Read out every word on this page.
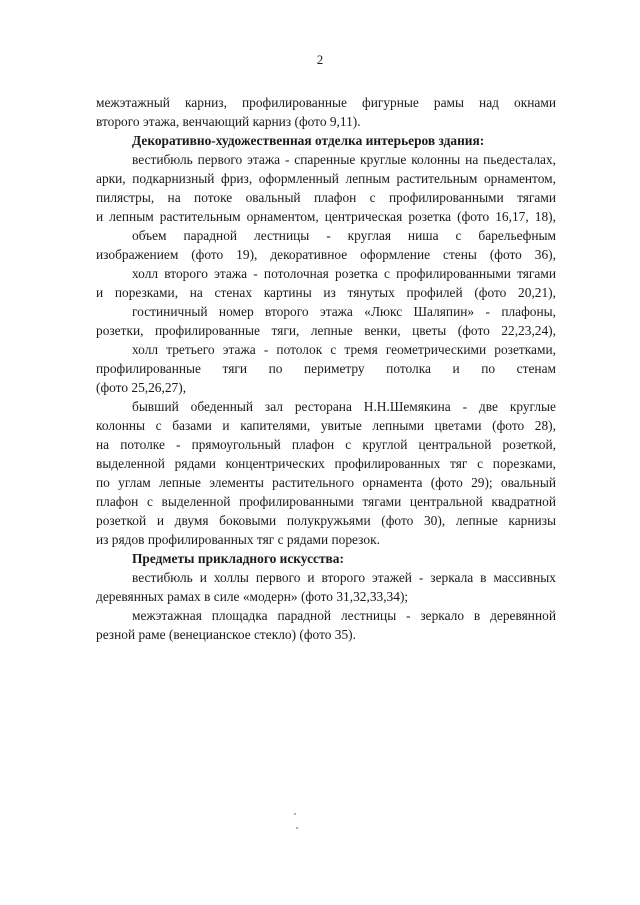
2
межэтажный карниз, профилированные фигурные рамы над окнами
второго этажа, венчающий карниз (фото 9,11).
Декоративно-художественная отделка интерьеров здания:
вестибюль первого этажа - спаренные круглые колонны на пьедесталах,
арки, подкарнизный фриз, оформленный лепным растительным орнаментом,
пилястры, на потоке овальный плафон с профилированными тягами
и лепным растительным орнаментом, центрическая розетка (фото 16,17, 18),
объем парадной лестницы - круглая ниша с барельефным
изображением (фото 19), декоративное оформление стены (фото 36),
холл второго этажа - потолочная розетка с профилированными тягами
и порезками, на стенах картины из тянутых профилей (фото 20,21),
гостиничный номер второго этажа «Люкс Шаляпин» - плафоны,
розетки, профилированные тяги, лепные венки, цветы (фото 22,23,24),
холл третьего этажа - потолок с тремя геометрическими розетками,
профилированные тяги по периметру потолка и по стенам
(фото 25,26,27),
бывший обеденный зал ресторана Н.Н.Шемякина - две круглые
колонны с базами и капителями, увитые лепными цветами (фото 28),
на потолке - прямоугольный плафон с круглой центральной розеткой,
выделенной рядами концентрических профилированных тяг с порезками,
по углам лепные элементы растительного орнамента (фото 29); овальный
плафон с выделенной профилированными тягами центральной квадратной
розеткой и двумя боковыми полукружьями (фото 30), лепные карнизы
из рядов профилированных тяг с рядами порезок.
Предметы прикладного искусства:
вестибюль и холлы первого и второго этажей - зеркала в массивных
деревянных рамах в силе «модерн» (фото 31,32,33,34);
межэтажная площадка парадной лестницы - зеркало в деревянной
резной раме (венецианское стекло) (фото 35).
